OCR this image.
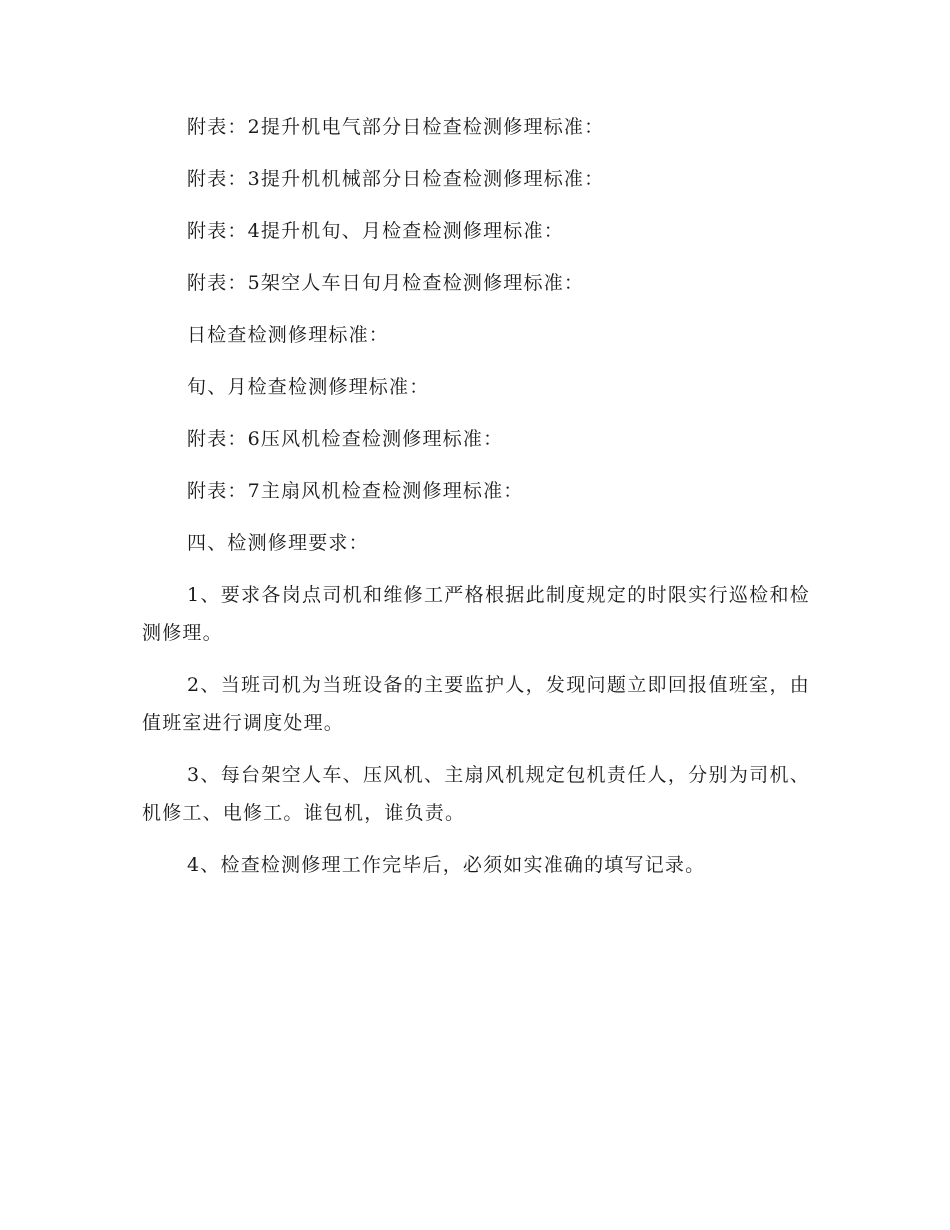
附表：2提升机电气部分日检查检测修理标准：
附表：3提升机机械部分日检查检测修理标准：
附表：4提升机旬、月检查检测修理标准：
附表：5架空人车日旬月检查检测修理标准：
日检查检测修理标准：
旬、月检查检测修理标准：
附表：6压风机检查检测修理标准：
附表：7主扇风机检查检测修理标准：
四、检测修理要求：

1、要求各岗点司机和维修工严格根据此制度规定的时限实行巡检和检测修理。

2、当班司机为当班设备的主要监护人，发现问题立即回报值班室，由值班室进行调度处理。

3、每台架空人车、压风机、主扇风机规定包机责任人，分别为司机、机修工、电修工。谁包机，谁负责。

4、检查检测修理工作完毕后，必须如实准确的填写记录。
